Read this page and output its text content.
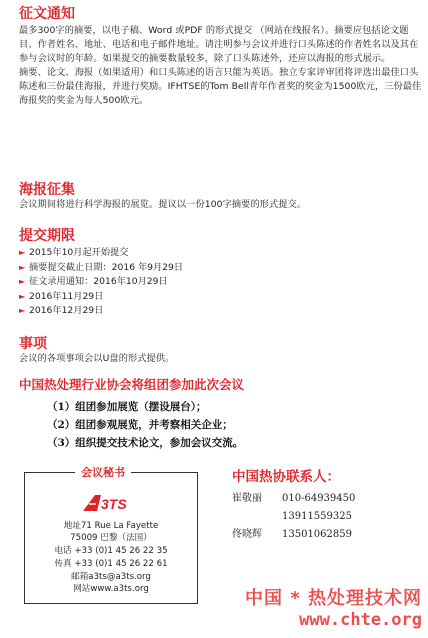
征文通知
最多300字的摘要，以电子稿、Word 或PDF 的形式提交 （网站在线报名）。摘要应包括论文题目、作者姓名、地址、电话和电子邮件地址。请注明参与会议并进行口头陈述的作者姓名以及其在参与会议时的年龄。如果提交的摘要数量较多，除了口头陈述外，还应以海报的形式展示。
摘要、论文、海报（如果适用）和口头陈述的语言只能为英语。独立专家评审团将评选出最佳口头陈述和三份最佳海报，并进行奖励。IFHTSE的Tom Bell青年作者奖的奖金为1500欧元，三份最佳海报奖的奖金为每人500欧元。
海报征集
会议期间将进行科学海报的展览。提议以一份100字摘要的形式提交。
提交期限
► 2015年10月起开始提交
► 摘要提交截止日期：2016 年9月29日
► 征文录用通知：2016年10月29日
► 2016年11月29日
► 2016年12月29日
事项
会议的各项事项会以U盘的形式提供。
中国热处理行业协会将组团参加此次会议
（1）组团参加展览（摆设展台）；
（2）组团参观展览，并考察相关企业；
（3）组织提交技术论文，参加会议交流。
会议秘书
3TS
地址71 Rue La Fayette
75009 巴黎（法国）
电话 +33 (0)1 45 26 22 35
传真 +33 (0)1 45 26 22 61
邮箱a3ts@a3ts.org
网站www.a3ts.org
中国热协联系人：
崔敬丽 010-64939450
13911559325
佟晓辉 13501062859
中国 * 热处理技术网
www.chte.org
